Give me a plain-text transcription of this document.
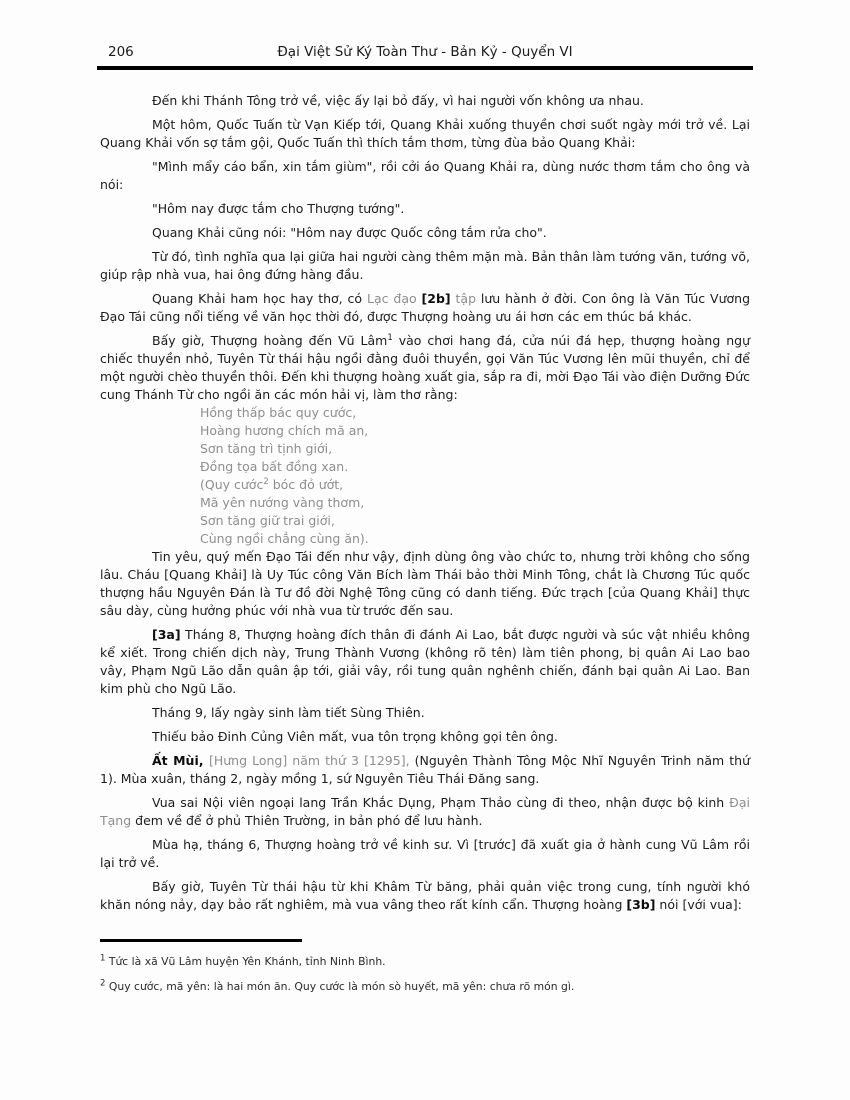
206	Đại Việt Sử Ký Toàn Thư - Bản Kỷ - Quyển VI

Đến khi Thánh Tông trở về, việc ấy lại bỏ đấy, vì hai người vốn không ưa nhau.

Một hôm, Quốc Tuấn từ Vạn Kiếp tới, Quang Khải xuống thuyền chơi suốt ngày mới trở về. Lại Quang Khải vốn sợ tắm gội, Quốc Tuấn thì thích tắm thơm, từng đùa bảo Quang Khải:

"Mình mẩy cáo bẩn, xin tắm giùm", rồi cởi áo Quang Khải ra, dùng nước thơm tắm cho ông và nói:

"Hôm nay được tắm cho Thượng tướng".

Quang Khải cũng nói: "Hôm nay được Quốc công tắm rửa cho".

Từ đó, tình nghĩa qua lại giữa hai người càng thêm mặn mà. Bản thân làm tướng văn, tướng võ, giúp rập nhà vua, hai ông đứng hàng đầu.

Quang Khải ham học hay thơ, có Lạc đạo [2b] tập lưu hành ở đời. Con ông là Văn Túc Vương Đạo Tái cũng nổi tiếng về văn học thời đó, được Thượng hoàng ưu ái hơn các em thúc bá khác.

Bấy giờ, Thượng hoàng đến Vũ Lâm$^1$ vào chơi hang đá, cửa núi đá hẹp, thượng hoàng ngự chiếc thuyền nhỏ, Tuyên Từ thái hậu ngồi đằng đuôi thuyền, gọi Văn Túc Vương lên mũi thuyền, chỉ để một người chèo thuyền thôi. Đến khi thượng hoàng xuất gia, sắp ra đi, mời Đạo Tái vào điện Dưỡng Đức cung Thánh Từ cho ngồi ăn các món hải vị, làm thơ rằng:

Hồng thấp bác quy cước,
Hoàng hương chích mã an,
Sơn tăng trì tịnh giới,
Đồng tọa bất đồng xan.
(Quy cước$^2$ bóc đỏ ướt,
Mã yên nướng vàng thơm,
Sơn tăng giữ trai giới,
Cùng ngồi chẳng cùng ăn).

Tin yêu, quý mến Đạo Tái đến như vậy, định dùng ông vào chức to, nhưng trời không cho sống lâu. Cháu [Quang Khải] là Uy Túc công Văn Bích làm Thái bảo thời Minh Tông, chắt là Chương Túc quốc thượng hầu Nguyên Đán là Tư đồ đời Nghệ Tông cũng có danh tiếng. Đức trạch [của Quang Khải] thực sâu dày, cùng hưởng phúc với nhà vua từ trước đến sau.

[3a] Tháng 8, Thượng hoàng đích thân đi đánh Ai Lao, bắt được người và súc vật nhiều không kể xiết. Trong chiến dịch này, Trung Thành Vương (không rõ tên) làm tiên phong, bị quân Ai Lao bao vây, Phạm Ngũ Lão dẫn quân ập tới, giải vây, rồi tung quân nghênh chiến, đánh bại quân Ai Lao. Ban kim phù cho Ngũ Lão.

Tháng 9, lấy ngày sinh làm tiết Sùng Thiên.

Thiếu bảo Đinh Củng Viên mất, vua tôn trọng không gọi tên ông.

Ất Mùi, [Hưng Long] năm thứ 3 [1295], (Nguyên Thành Tông Mộc Nhĩ Nguyên Trinh năm thứ 1). Mùa xuân, tháng 2, ngày mồng 1, sứ Nguyên Tiêu Thái Đăng sang.

Vua sai Nội viên ngoại lang Trần Khắc Dụng, Phạm Thảo cùng đi theo, nhận được bộ kinh Đại Tạng đem về để ở phủ Thiên Trường, in bản phó để lưu hành.

Mùa hạ, tháng 6, Thượng hoàng trở về kinh sư. Vì [trước] đã xuất gia ở hành cung Vũ Lâm rồi lại trở về.

Bấy giờ, Tuyên Từ thái hậu từ khi Khâm Từ băng, phải quản việc trong cung, tính người khó khăn nóng nảy, dạy bảo rất nghiêm, mà vua vâng theo rất kính cẩn. Thượng hoàng [3b] nói [với vua]:

$^1$ Tức là xã Vũ Lâm huyện Yên Khánh, tỉnh Ninh Bình.
$^2$ Quy cước, mã yên: là hai món ăn. Quy cước là món sò huyết, mã yên: chưa rõ món gì.
